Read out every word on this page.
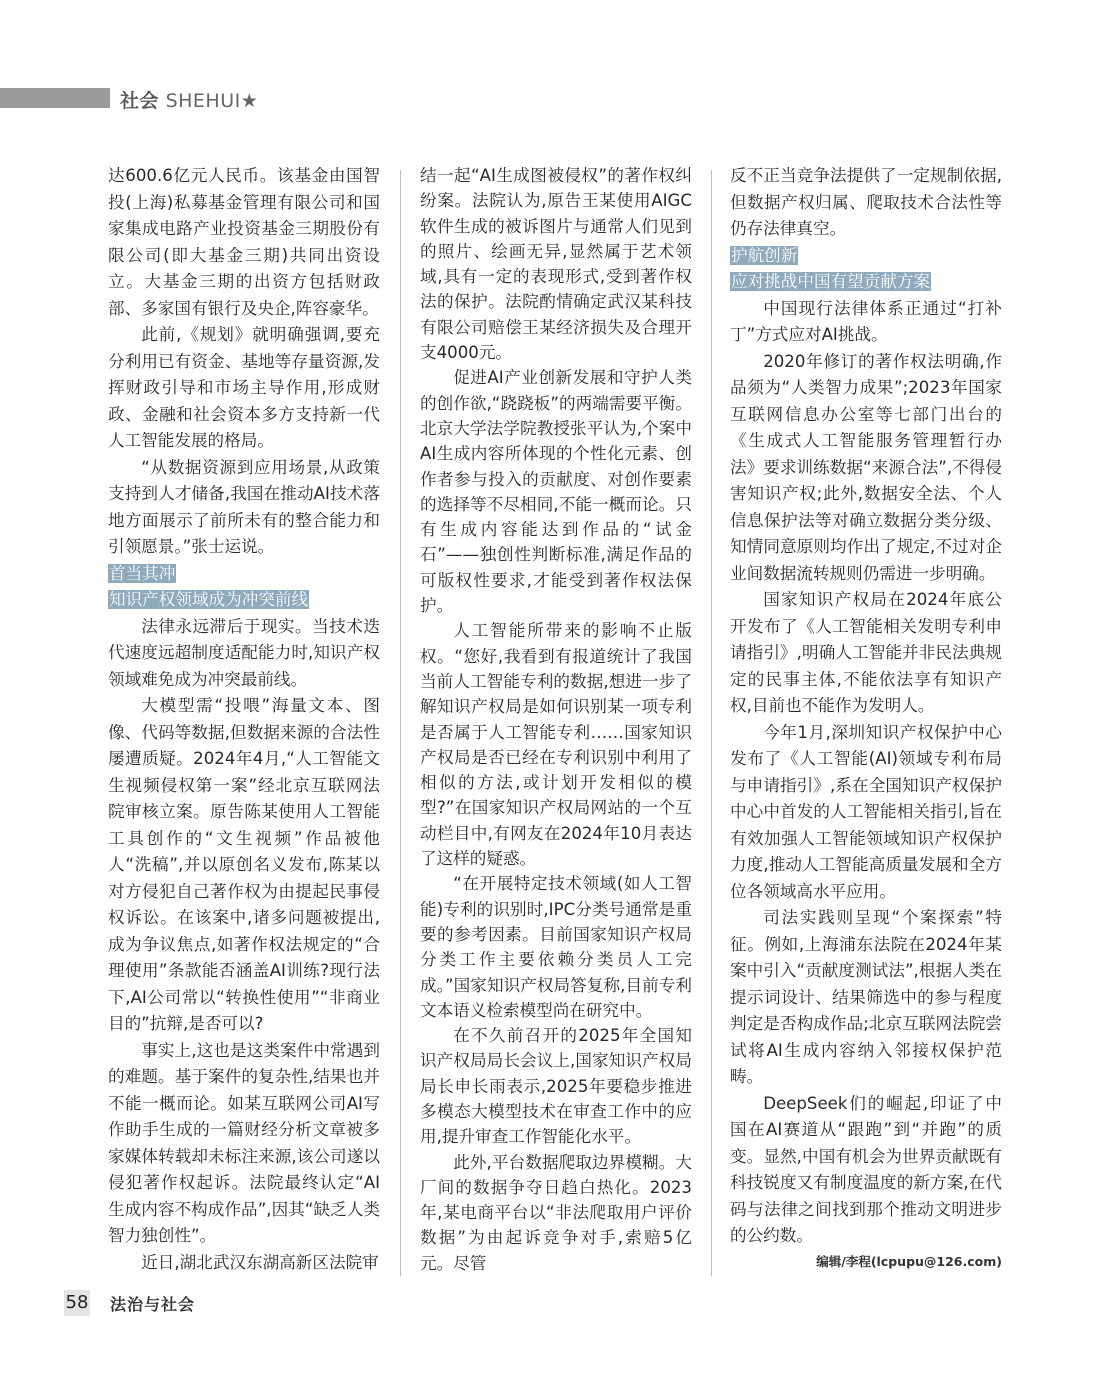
社会 SHEHUI★

达600.6亿元人民币。该基金由国智投(上海)私募基金管理有限公司和国家集成电路产业投资基金三期股份有限公司(即大基金三期)共同出资设立。大基金三期的出资方包括财政部、多家国有银行及央企,阵容豪华。

此前,《规划》就明确强调,要充分利用已有资金、基地等存量资源,发挥财政引导和市场主导作用,形成财政、金融和社会资本多方支持新一代人工智能发展的格局。

“从数据资源到应用场景,从政策支持到人才储备,我国在推动AI技术落地方面展示了前所未有的整合能力和引领愿景。”张士运说。

首当其冲

知识产权领域成为冲突前线

法律永远滞后于现实。当技术迭代速度远超制度适配能力时,知识产权领域难免成为冲突最前线。

大模型需“投喂”海量文本、图像、代码等数据,但数据来源的合法性屡遭质疑。2024年4月,“人工智能文生视频侵权第一案”经北京互联网法院审核立案。原告陈某使用人工智能工具创作的“文生视频”作品被他人“洗稿”,并以原创名义发布,陈某以对方侵犯自己著作权为由提起民事侵权诉讼。在该案中,诸多问题被提出,成为争议焦点,如著作权法规定的“合理使用”条款能否涵盖AI训练?现行法下,AI公司常以“转换性使用”“非商业目的”抗辩,是否可以?

事实上,这也是这类案件中常遇到的难题。基于案件的复杂性,结果也并不能一概而论。如某互联网公司AI写作助手生成的一篇财经分析文章被多家媒体转载却未标注来源,该公司遂以侵犯著作权起诉。法院最终认定“AI生成内容不构成作品”,因其“缺乏人类智力独创性”。

近日,湖北武汉东湖高新区法院审

结一起“AI生成图被侵权”的著作权纠纷案。法院认为,原告王某使用AIGC软件生成的被诉图片与通常人们见到的照片、绘画无异,显然属于艺术领域,具有一定的表现形式,受到著作权法的保护。法院酌情确定武汉某科技有限公司赔偿王某经济损失及合理开支4000元。

促进AI产业创新发展和守护人类的创作欲,“跷跷板”的两端需要平衡。北京大学法学院教授张平认为,个案中AI生成内容所体现的个性化元素、创作者参与投入的贡献度、对创作要素的选择等不尽相同,不能一概而论。只有生成内容能达到作品的“试金石”——独创性判断标准,满足作品的可版权性要求,才能受到著作权法保护。

人工智能所带来的影响不止版权。“您好,我看到有报道统计了我国当前人工智能专利的数据,想进一步了解知识产权局是如何识别某一项专利是否属于人工智能专利……国家知识产权局是否已经在专利识别中利用了相似的方法,或计划开发相似的模型?”在国家知识产权局网站的一个互动栏目中,有网友在2024年10月表达了这样的疑惑。

“在开展特定技术领域(如人工智能)专利的识别时,IPC分类号通常是重要的参考因素。目前国家知识产权局分类工作主要依赖分类员人工完成。”国家知识产权局答复称,目前专利文本语义检索模型尚在研究中。

在不久前召开的2025年全国知识产权局局长会议上,国家知识产权局局长申长雨表示,2025年要稳步推进多模态大模型技术在审查工作中的应用,提升审查工作智能化水平。

此外,平台数据爬取边界模糊。大厂间的数据争夺日趋白热化。2023年,某电商平台以“非法爬取用户评价数据”为由起诉竞争对手,索赔5亿元。尽管

反不正当竞争法提供了一定规制依据,但数据产权归属、爬取技术合法性等仍存法律真空。

护航创新

应对挑战中国有望贡献方案

中国现行法律体系正通过“打补丁”方式应对AI挑战。

2020年修订的著作权法明确,作品须为“人类智力成果”;2023年国家互联网信息办公室等七部门出台的《生成式人工智能服务管理暂行办法》要求训练数据“来源合法”,不得侵害知识产权;此外,数据安全法、个人信息保护法等对确立数据分类分级、知情同意原则均作出了规定,不过对企业间数据流转规则仍需进一步明确。

国家知识产权局在2024年底公开发布了《人工智能相关发明专利申请指引》,明确人工智能并非民法典规定的民事主体,不能依法享有知识产权,目前也不能作为发明人。

今年1月,深圳知识产权保护中心发布了《人工智能(AI)领域专利布局与申请指引》,系在全国知识产权保护中心中首发的人工智能相关指引,旨在有效加强人工智能领域知识产权保护力度,推动人工智能高质量发展和全方位各领域高水平应用。

司法实践则呈现“个案探索”特征。例如,上海浦东法院在2024年某案中引入“贡献度测试法”,根据人类在提示词设计、结果筛选中的参与程度判定是否构成作品;北京互联网法院尝试将AI生成内容纳入邻接权保护范畴。

DeepSeek们的崛起,印证了中国在AI赛道从“跟跑”到“并跑”的质变。显然,中国有机会为世界贡献既有科技锐度又有制度温度的新方案,在代码与法律之间找到那个推动文明进步的公约数。

编辑/李程(lcpupu@126.com)

58 法治与社会
